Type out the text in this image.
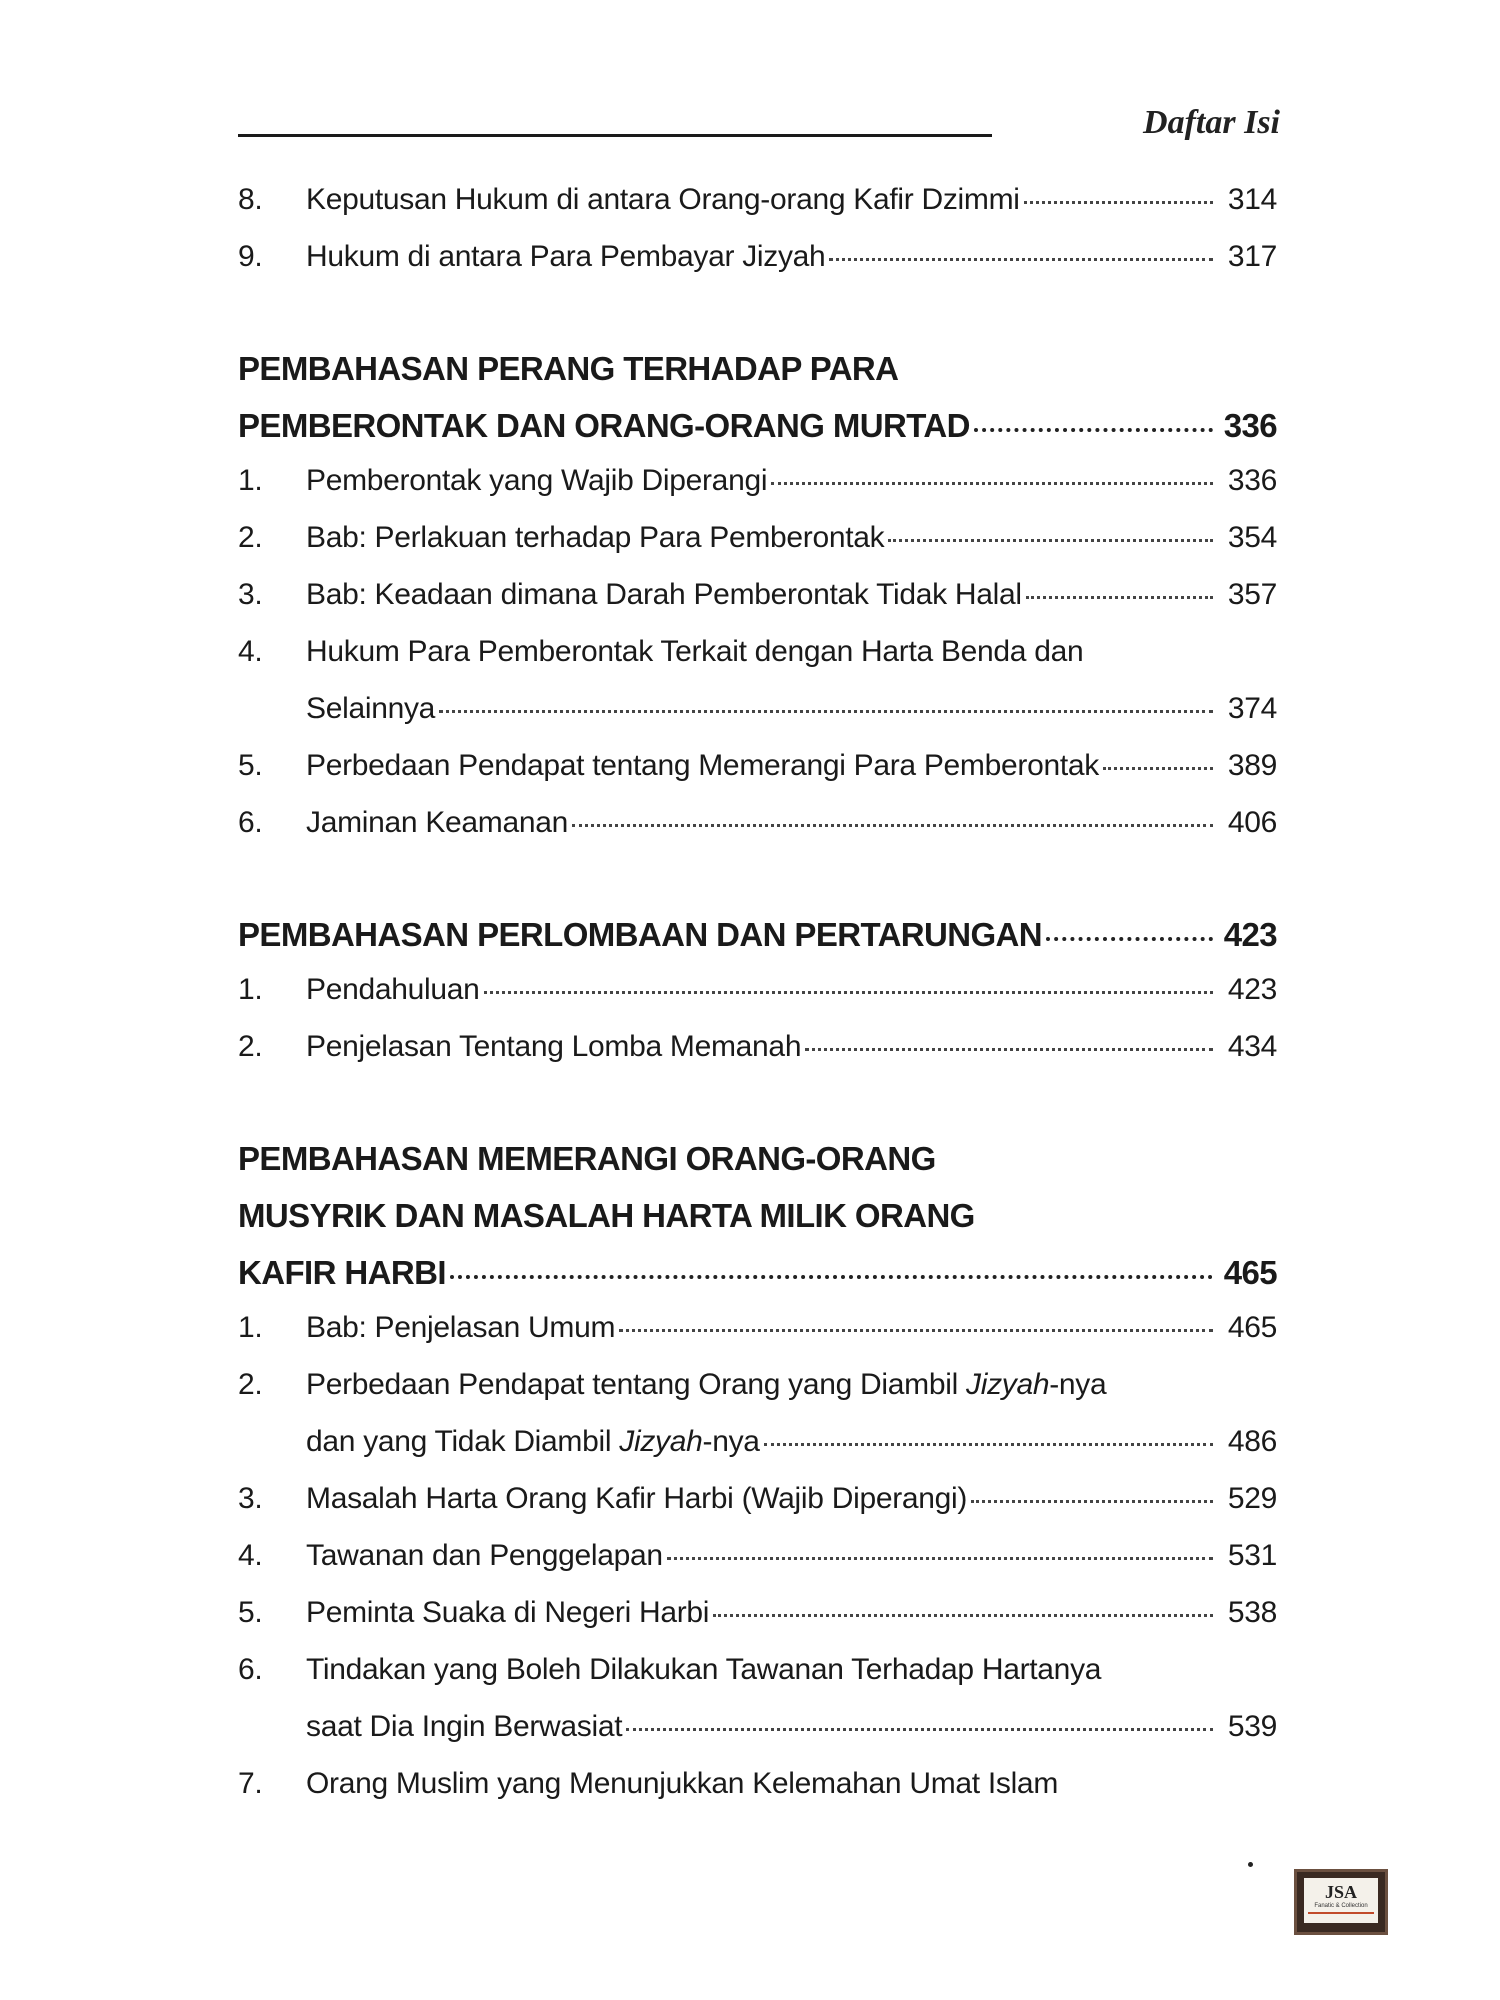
Daftar Isi
8.	Keputusan Hukum di antara Orang-orang Kafir Dzimmi	314
9.	Hukum di antara Para Pembayar Jizyah	317
PEMBAHASAN PERANG TERHADAP PARA
PEMBERONTAK DAN ORANG-ORANG MURTAD	336
1.	Pemberontak yang Wajib Diperangi	336
2.	Bab: Perlakuan terhadap Para Pemberontak	354
3.	Bab: Keadaan dimana Darah Pemberontak Tidak Halal	357
4.	Hukum Para Pemberontak Terkait dengan Harta Benda dan
Selainnya	374
5.	Perbedaan Pendapat tentang Memerangi Para Pemberontak	389
6.	Jaminan Keamanan	406
PEMBAHASAN PERLOMBAAN DAN PERTARUNGAN	423
1.	Pendahuluan	423
2.	Penjelasan Tentang Lomba Memanah	434
PEMBAHASAN MEMERANGI ORANG-ORANG
MUSYRIK DAN MASALAH HARTA MILIK ORANG
KAFIR HARBI	465
1.	Bab: Penjelasan Umum	465
2.	Perbedaan Pendapat tentang Orang yang Diambil Jizyah-nya
dan yang Tidak Diambil Jizyah-nya	486
3.	Masalah Harta Orang Kafir Harbi (Wajib Diperangi)	529
4.	Tawanan dan Penggelapan	531
5.	Peminta Suaka di Negeri Harbi	538
6.	Tindakan yang Boleh Dilakukan Tawanan Terhadap Hartanya
saat Dia Ingin Berwasiat	539
7.	Orang Muslim yang Menunjukkan Kelemahan Umat Islam
JSA
Fanatic & Collection
